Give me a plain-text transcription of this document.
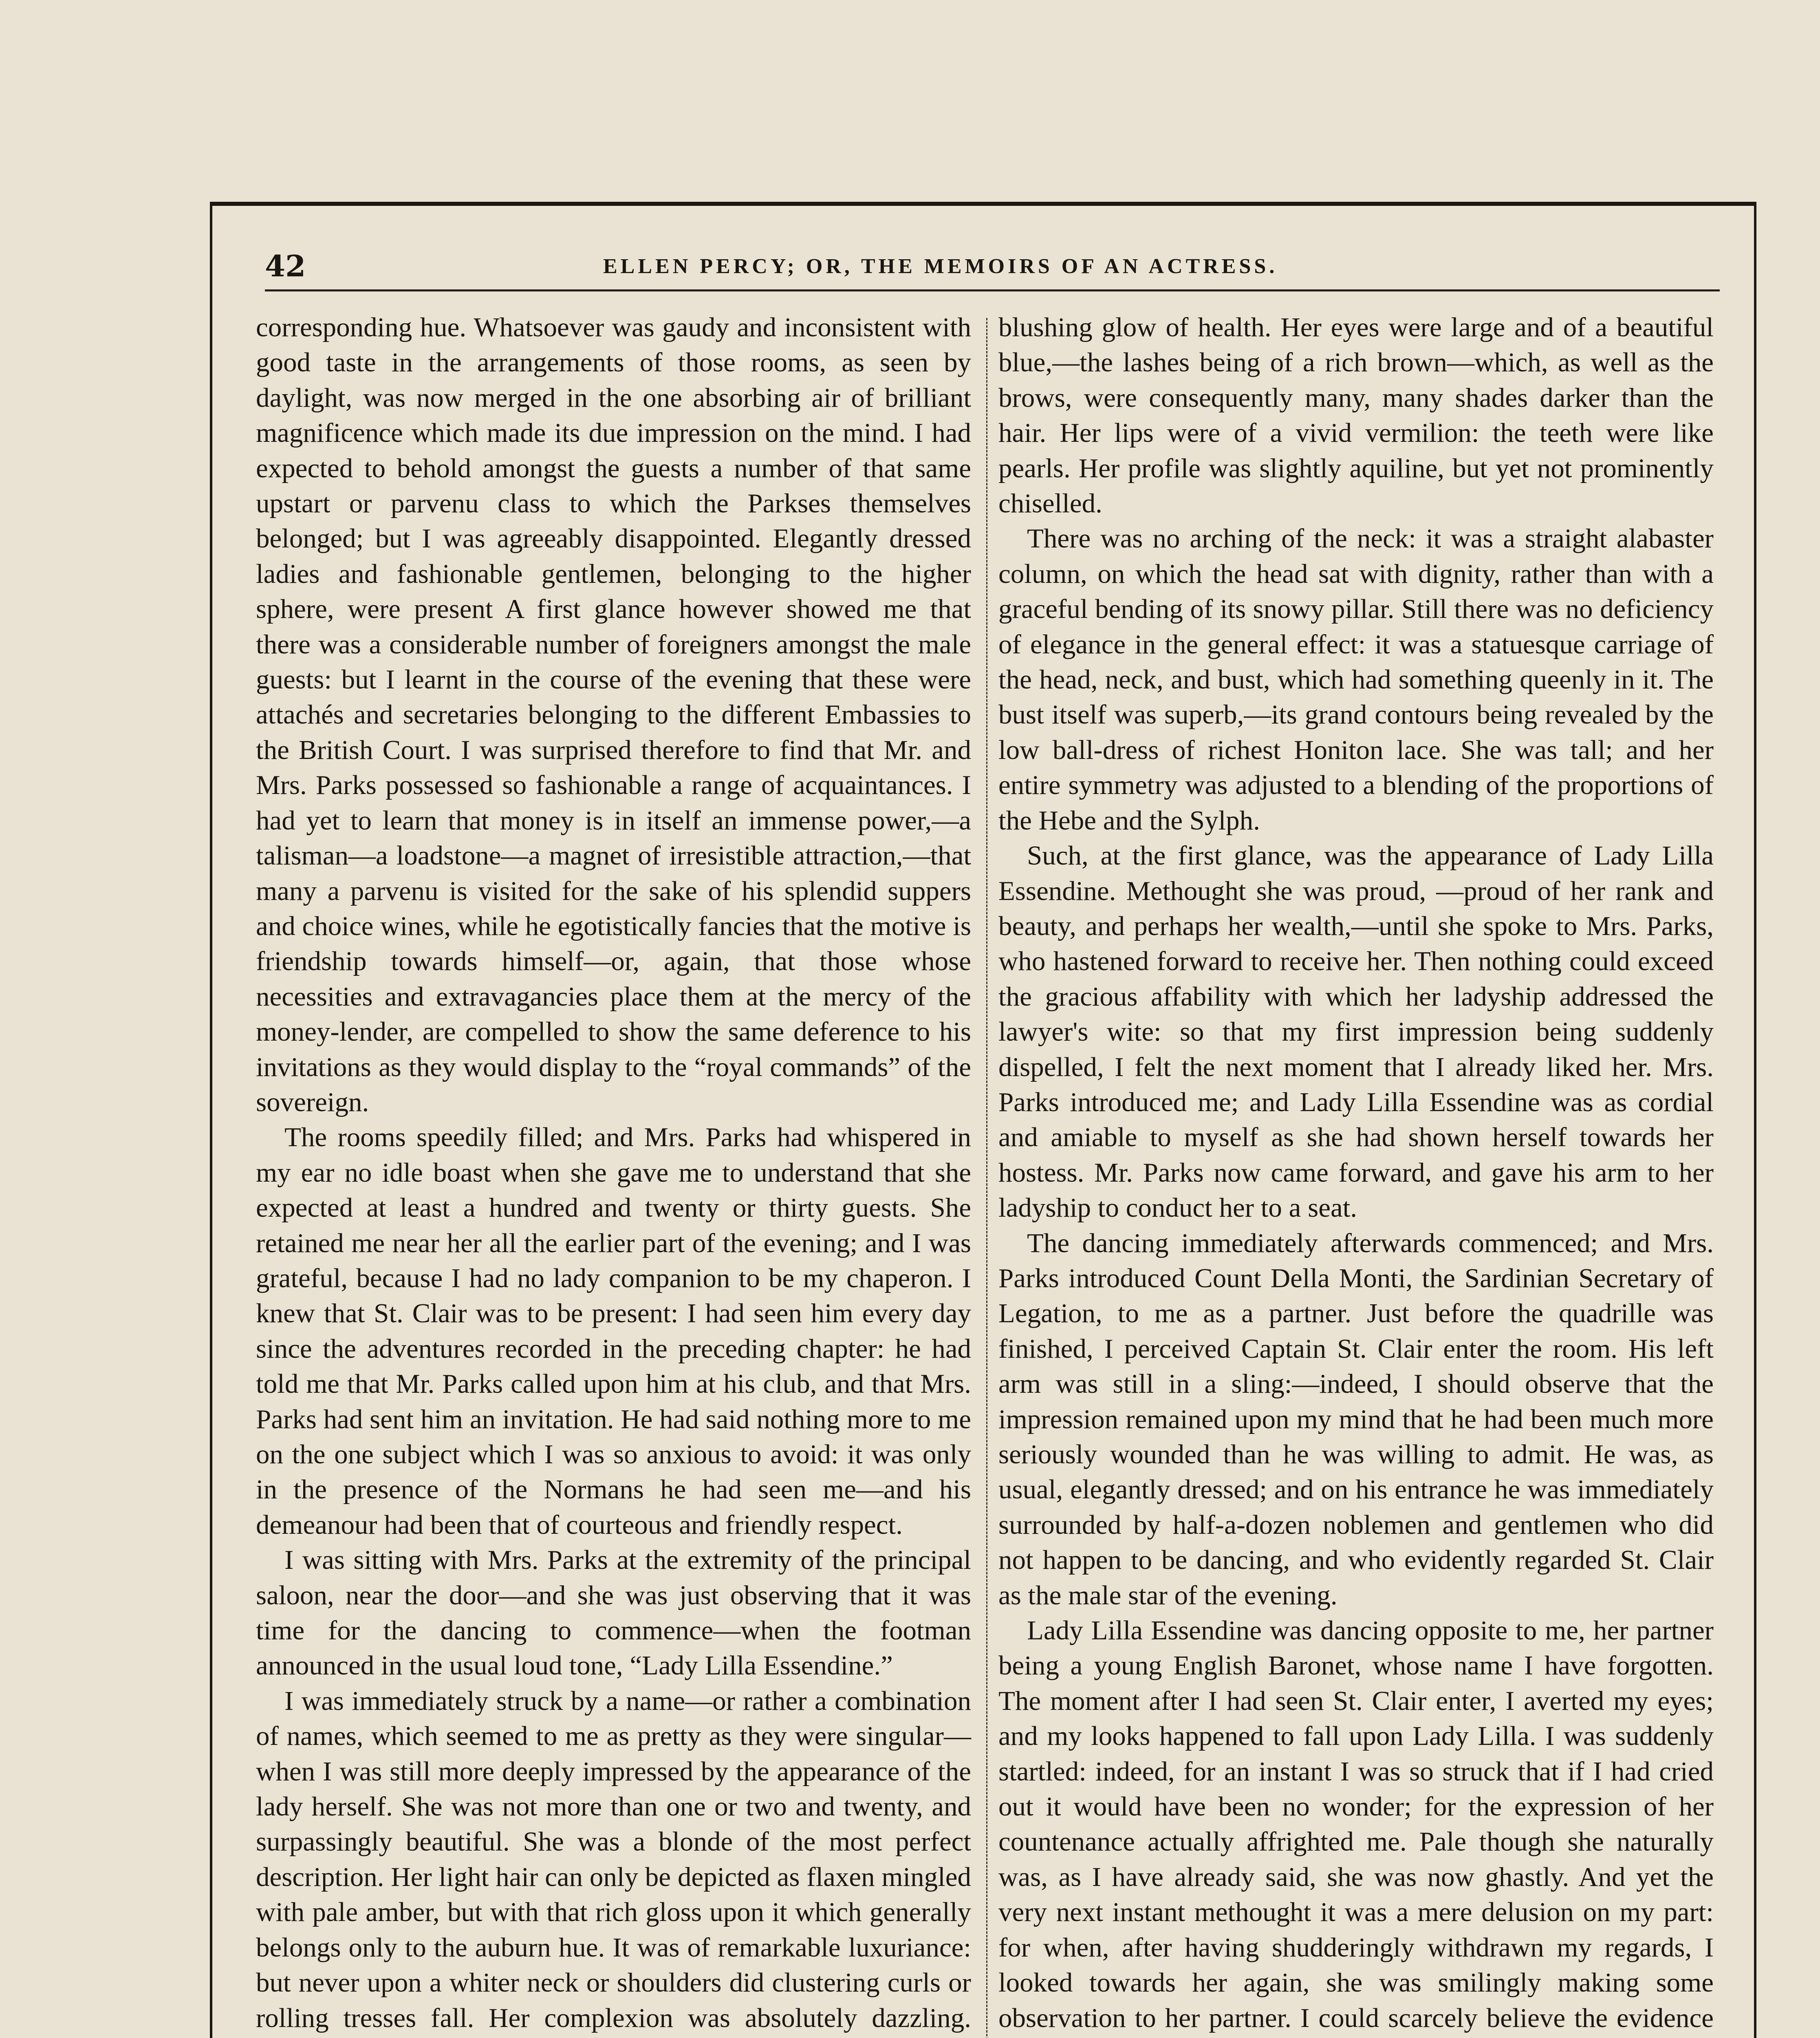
42	ELLEN PERCY; OR, THE MEMOIRS OF AN ACTRESS.

corresponding hue. Whatsoever was gaudy and inconsistent with good taste in the arrangements of those rooms, as seen by daylight, was now merged in the one absorbing air of brilliant magnificence which made its due impression on the mind. I had expected to behold amongst the guests a number of that same upstart or parvenu class to which the Parkses themselves belonged; but I was agreeably disappointed. Elegantly dressed ladies and fashionable gentlemen, belonging to the higher sphere, were present A first glance however showed me that there was a considerable number of foreigners amongst the male guests: but I learnt in the course of the evening that these were attachés and secretaries belonging to the different Embassies to the British Court. I was surprised therefore to find that Mr. and Mrs. Parks possessed so fashionable a range of acquaintances. I had yet to learn that money is in itself an immense power,—a talisman—a loadstone—a magnet of irresistible attraction,—that many a parvenu is visited for the sake of his splendid suppers and choice wines, while he egotistically fancies that the motive is friendship towards himself—or, again, that those whose necessities and extravagancies place them at the mercy of the money-lender, are compelled to show the same deference to his invitations as they would display to the “royal commands” of the sovereign.

The rooms speedily filled; and Mrs. Parks had whispered in my ear no idle boast when she gave me to understand that she expected at least a hundred and twenty or thirty guests. She retained me near her all the earlier part of the evening; and I was grateful, because I had no lady companion to be my chaperon. I knew that St. Clair was to be present: I had seen him every day since the adventures recorded in the preceding chapter: he had told me that Mr. Parks called upon him at his club, and that Mrs. Parks had sent him an invitation. He had said nothing more to me on the one subject which I was so anxious to avoid: it was only in the presence of the Normans he had seen me—and his demeanour had been that of courteous and friendly respect.

I was sitting with Mrs. Parks at the extremity of the principal saloon, near the door—and she was just observing that it was time for the dancing to commence—when the footman announced in the usual loud tone, “Lady Lilla Essendine.”

I was immediately struck by a name—or rather a combination of names, which seemed to me as pretty as they were singular—when I was still more deeply impressed by the appearance of the lady herself. She was not more than one or two and twenty, and surpassingly beautiful. She was a blonde of the most perfect description. Her light hair can only be depicted as flaxen mingled with pale amber, but with that rich gloss upon it which generally belongs only to the auburn hue. It was of remarkable luxuriance: but never upon a whiter neck or shoulders did clustering curls or rolling tresses fall. Her complexion was absolutely dazzling.

blushing glow of health. Her eyes were large and of a beautiful blue,—the lashes being of a rich brown—which, as well as the brows, were consequently many, many shades darker than the hair. Her lips were of a vivid vermilion: the teeth were like pearls. Her profile was slightly aquiline, but yet not prominently chiselled.

There was no arching of the neck: it was a straight alabaster column, on which the head sat with dignity, rather than with a graceful bending of its snowy pillar. Still there was no deficiency of elegance in the general effect: it was a statuesque carriage of the head, neck, and bust, which had something queenly in it. The bust itself was superb,—its grand contours being revealed by the low ball-dress of richest Honiton lace. She was tall; and her entire symmetry was adjusted to a blending of the proportions of the Hebe and the Sylph.

Such, at the first glance, was the appearance of Lady Lilla Essendine. Methought she was proud, —proud of her rank and beauty, and perhaps her wealth,—until she spoke to Mrs. Parks, who hastened forward to receive her. Then nothing could exceed the gracious affability with which her ladyship addressed the lawyer's wite: so that my first impression being suddenly dispelled, I felt the next moment that I already liked her. Mrs. Parks introduced me; and Lady Lilla Essendine was as cordial and amiable to myself as she had shown herself towards her hostess. Mr. Parks now came forward, and gave his arm to her ladyship to conduct her to a seat.

The dancing immediately afterwards commenced; and Mrs. Parks introduced Count Della Monti, the Sardinian Secretary of Legation, to me as a partner. Just before the quadrille was finished, I perceived Captain St. Clair enter the room. His left arm was still in a sling:—indeed, I should observe that the impression remained upon my mind that he had been much more seriously wounded than he was willing to admit. He was, as usual, elegantly dressed; and on his entrance he was immediately surrounded by half-a-dozen noblemen and gentlemen who did not happen to be dancing, and who evidently regarded St. Clair as the male star of the evening.

Lady Lilla Essendine was dancing opposite to me, her partner being a young English Baronet, whose name I have forgotten. The moment after I had seen St. Clair enter, I averted my eyes; and my looks happened to fall upon Lady Lilla. I was suddenly startled: indeed, for an instant I was so struck that if I had cried out it would have been no wonder; for the expression of her countenance actually affrighted me. Pale though she naturally was, as I have already said, she was now ghastly. And yet the very next instant methought it was a mere delusion on my part: for when, after having shudderingly withdrawn my regards, I looked towards her again, she was smilingly making some observation to her partner. I could scarcely believe the evidence
